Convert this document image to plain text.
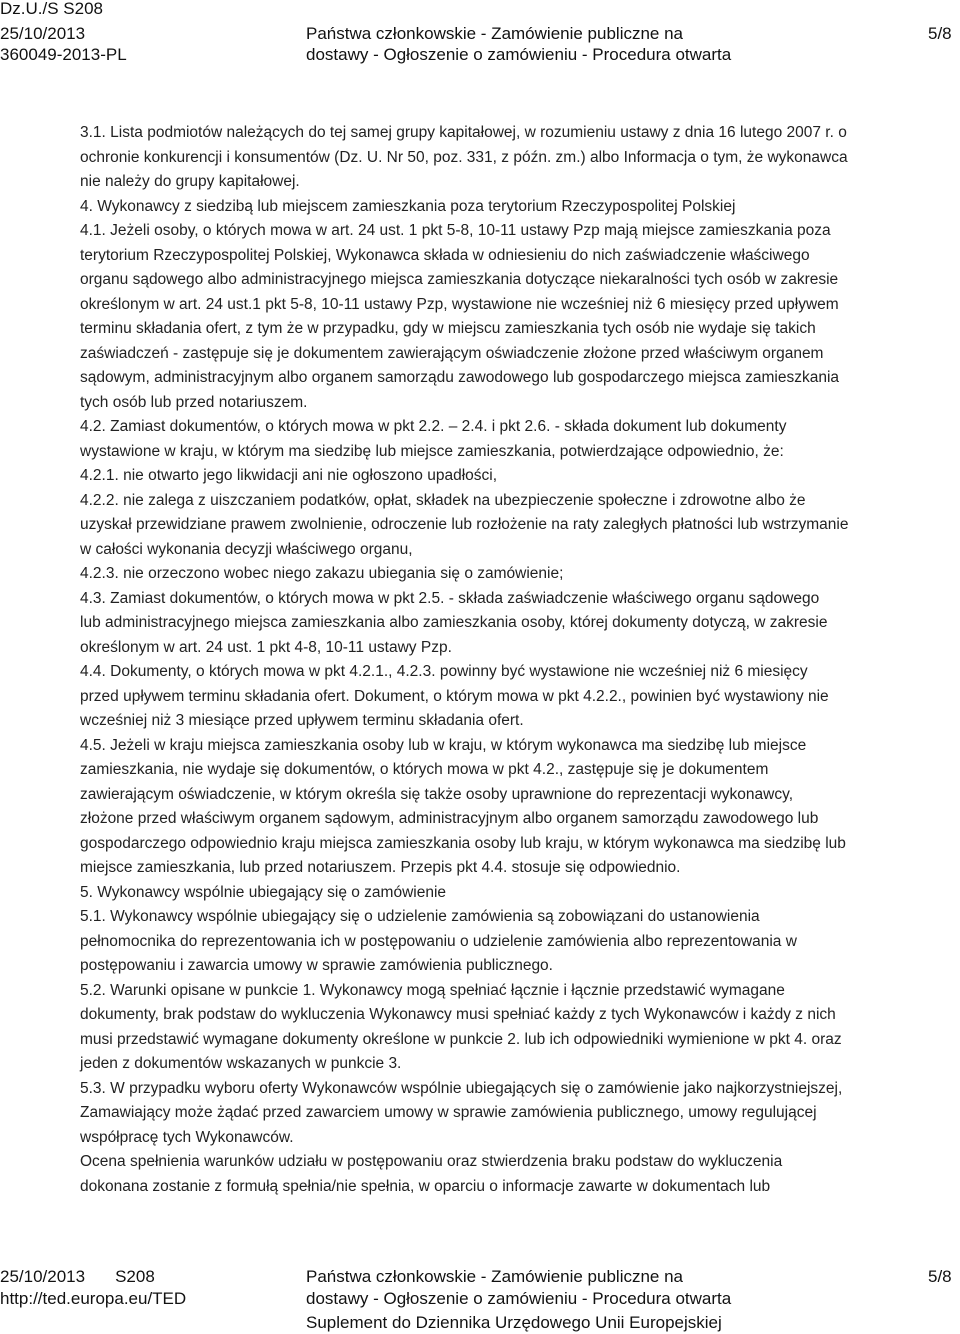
Dz.U./S S208
25/10/2013
360049-2013-PL
Państwa członkowskie - Zamówienie publiczne na
dostawy - Ogłoszenie o zamówieniu - Procedura otwarta
5/8
3.1. Lista podmiotów należących do tej samej grupy kapitałowej, w rozumieniu ustawy z dnia 16 lutego 2007 r. o
ochronie konkurencji i konsumentów (Dz. U. Nr 50, poz. 331, z późn. zm.) albo Informacja o tym, że wykonawca
nie należy do grupy kapitałowej.
4. Wykonawcy z siedzibą lub miejscem zamieszkania poza terytorium Rzeczypospolitej Polskiej
4.1. Jeżeli osoby, o których mowa w art. 24 ust. 1 pkt 5-8, 10-11 ustawy Pzp mają miejsce zamieszkania poza
terytorium Rzeczypospolitej Polskiej, Wykonawca składa w odniesieniu do nich zaświadczenie właściwego
organu sądowego albo administracyjnego miejsca zamieszkania dotyczące niekaralności tych osób w zakresie
określonym w art. 24 ust.1 pkt 5-8, 10-11 ustawy Pzp, wystawione nie wcześniej niż 6 miesięcy przed upływem
terminu składania ofert, z tym że w przypadku, gdy w miejscu zamieszkania tych osób nie wydaje się takich
zaświadczeń - zastępuje się je dokumentem zawierającym oświadczenie złożone przed właściwym organem
sądowym, administracyjnym albo organem samorządu zawodowego lub gospodarczego miejsca zamieszkania
tych osób lub przed notariuszem.
4.2. Zamiast dokumentów, o których mowa w pkt 2.2. – 2.4. i pkt 2.6. - składa dokument lub dokumenty
wystawione w kraju, w którym ma siedzibę lub miejsce zamieszkania, potwierdzające odpowiednio, że:
4.2.1. nie otwarto jego likwidacji ani nie ogłoszono upadłości,
4.2.2. nie zalega z uiszczaniem podatków, opłat, składek na ubezpieczenie społeczne i zdrowotne albo że
uzyskał przewidziane prawem zwolnienie, odroczenie lub rozłożenie na raty zaległych płatności lub wstrzymanie
w całości wykonania decyzji właściwego organu,
4.2.3. nie orzeczono wobec niego zakazu ubiegania się o zamówienie;
4.3. Zamiast dokumentów, o których mowa w pkt 2.5. - składa zaświadczenie właściwego organu sądowego
lub administracyjnego miejsca zamieszkania albo zamieszkania osoby, której dokumenty dotyczą, w zakresie
określonym w art. 24 ust. 1 pkt 4-8, 10-11 ustawy Pzp.
4.4. Dokumenty, o których mowa w pkt 4.2.1., 4.2.3. powinny być wystawione nie wcześniej niż 6 miesięcy
przed upływem terminu składania ofert. Dokument, o którym mowa w pkt 4.2.2., powinien być wystawiony nie
wcześniej niż 3 miesiące przed upływem terminu składania ofert.
4.5. Jeżeli w kraju miejsca zamieszkania osoby lub w kraju, w którym wykonawca ma siedzibę lub miejsce
zamieszkania, nie wydaje się dokumentów, o których mowa w pkt 4.2., zastępuje się je dokumentem
zawierającym oświadczenie, w którym określa się także osoby uprawnione do reprezentacji wykonawcy,
złożone przed właściwym organem sądowym, administracyjnym albo organem samorządu zawodowego lub
gospodarczego odpowiednio kraju miejsca zamieszkania osoby lub kraju, w którym wykonawca ma siedzibę lub
miejsce zamieszkania, lub przed notariuszem. Przepis pkt 4.4. stosuje się odpowiednio.
5. Wykonawcy wspólnie ubiegający się o zamówienie
5.1. Wykonawcy wspólnie ubiegający się o udzielenie zamówienia są zobowiązani do ustanowienia
pełnomocnika do reprezentowania ich w postępowaniu o udzielenie zamówienia albo reprezentowania w
postępowaniu i zawarcia umowy w sprawie zamówienia publicznego.
5.2. Warunki opisane w punkcie 1. Wykonawcy mogą spełniać łącznie i łącznie przedstawić wymagane
dokumenty, brak podstaw do wykluczenia Wykonawcy musi spełniać każdy z tych Wykonawców i każdy z nich
musi przedstawić wymagane dokumenty określone w punkcie 2. lub ich odpowiedniki wymienione w pkt 4. oraz
jeden z dokumentów wskazanych w punkcie 3.
5.3. W przypadku wyboru oferty Wykonawców wspólnie ubiegających się o zamówienie jako najkorzystniejszej,
Zamawiający może żądać przed zawarciem umowy w sprawie zamówienia publicznego, umowy regulującej
współpracę tych Wykonawców.
Ocena spełnienia warunków udziału w postępowaniu oraz stwierdzenia braku podstaw do wykluczenia
dokonana zostanie z formułą spełnia/nie spełnia, w oparciu o informacje zawarte w dokumentach lub
25/10/2013 S208
http://ted.europa.eu/TED
Państwa członkowskie - Zamówienie publiczne na
dostawy - Ogłoszenie o zamówieniu - Procedura otwarta
Suplement do Dziennika Urzędowego Unii Europejskiej
5/8
